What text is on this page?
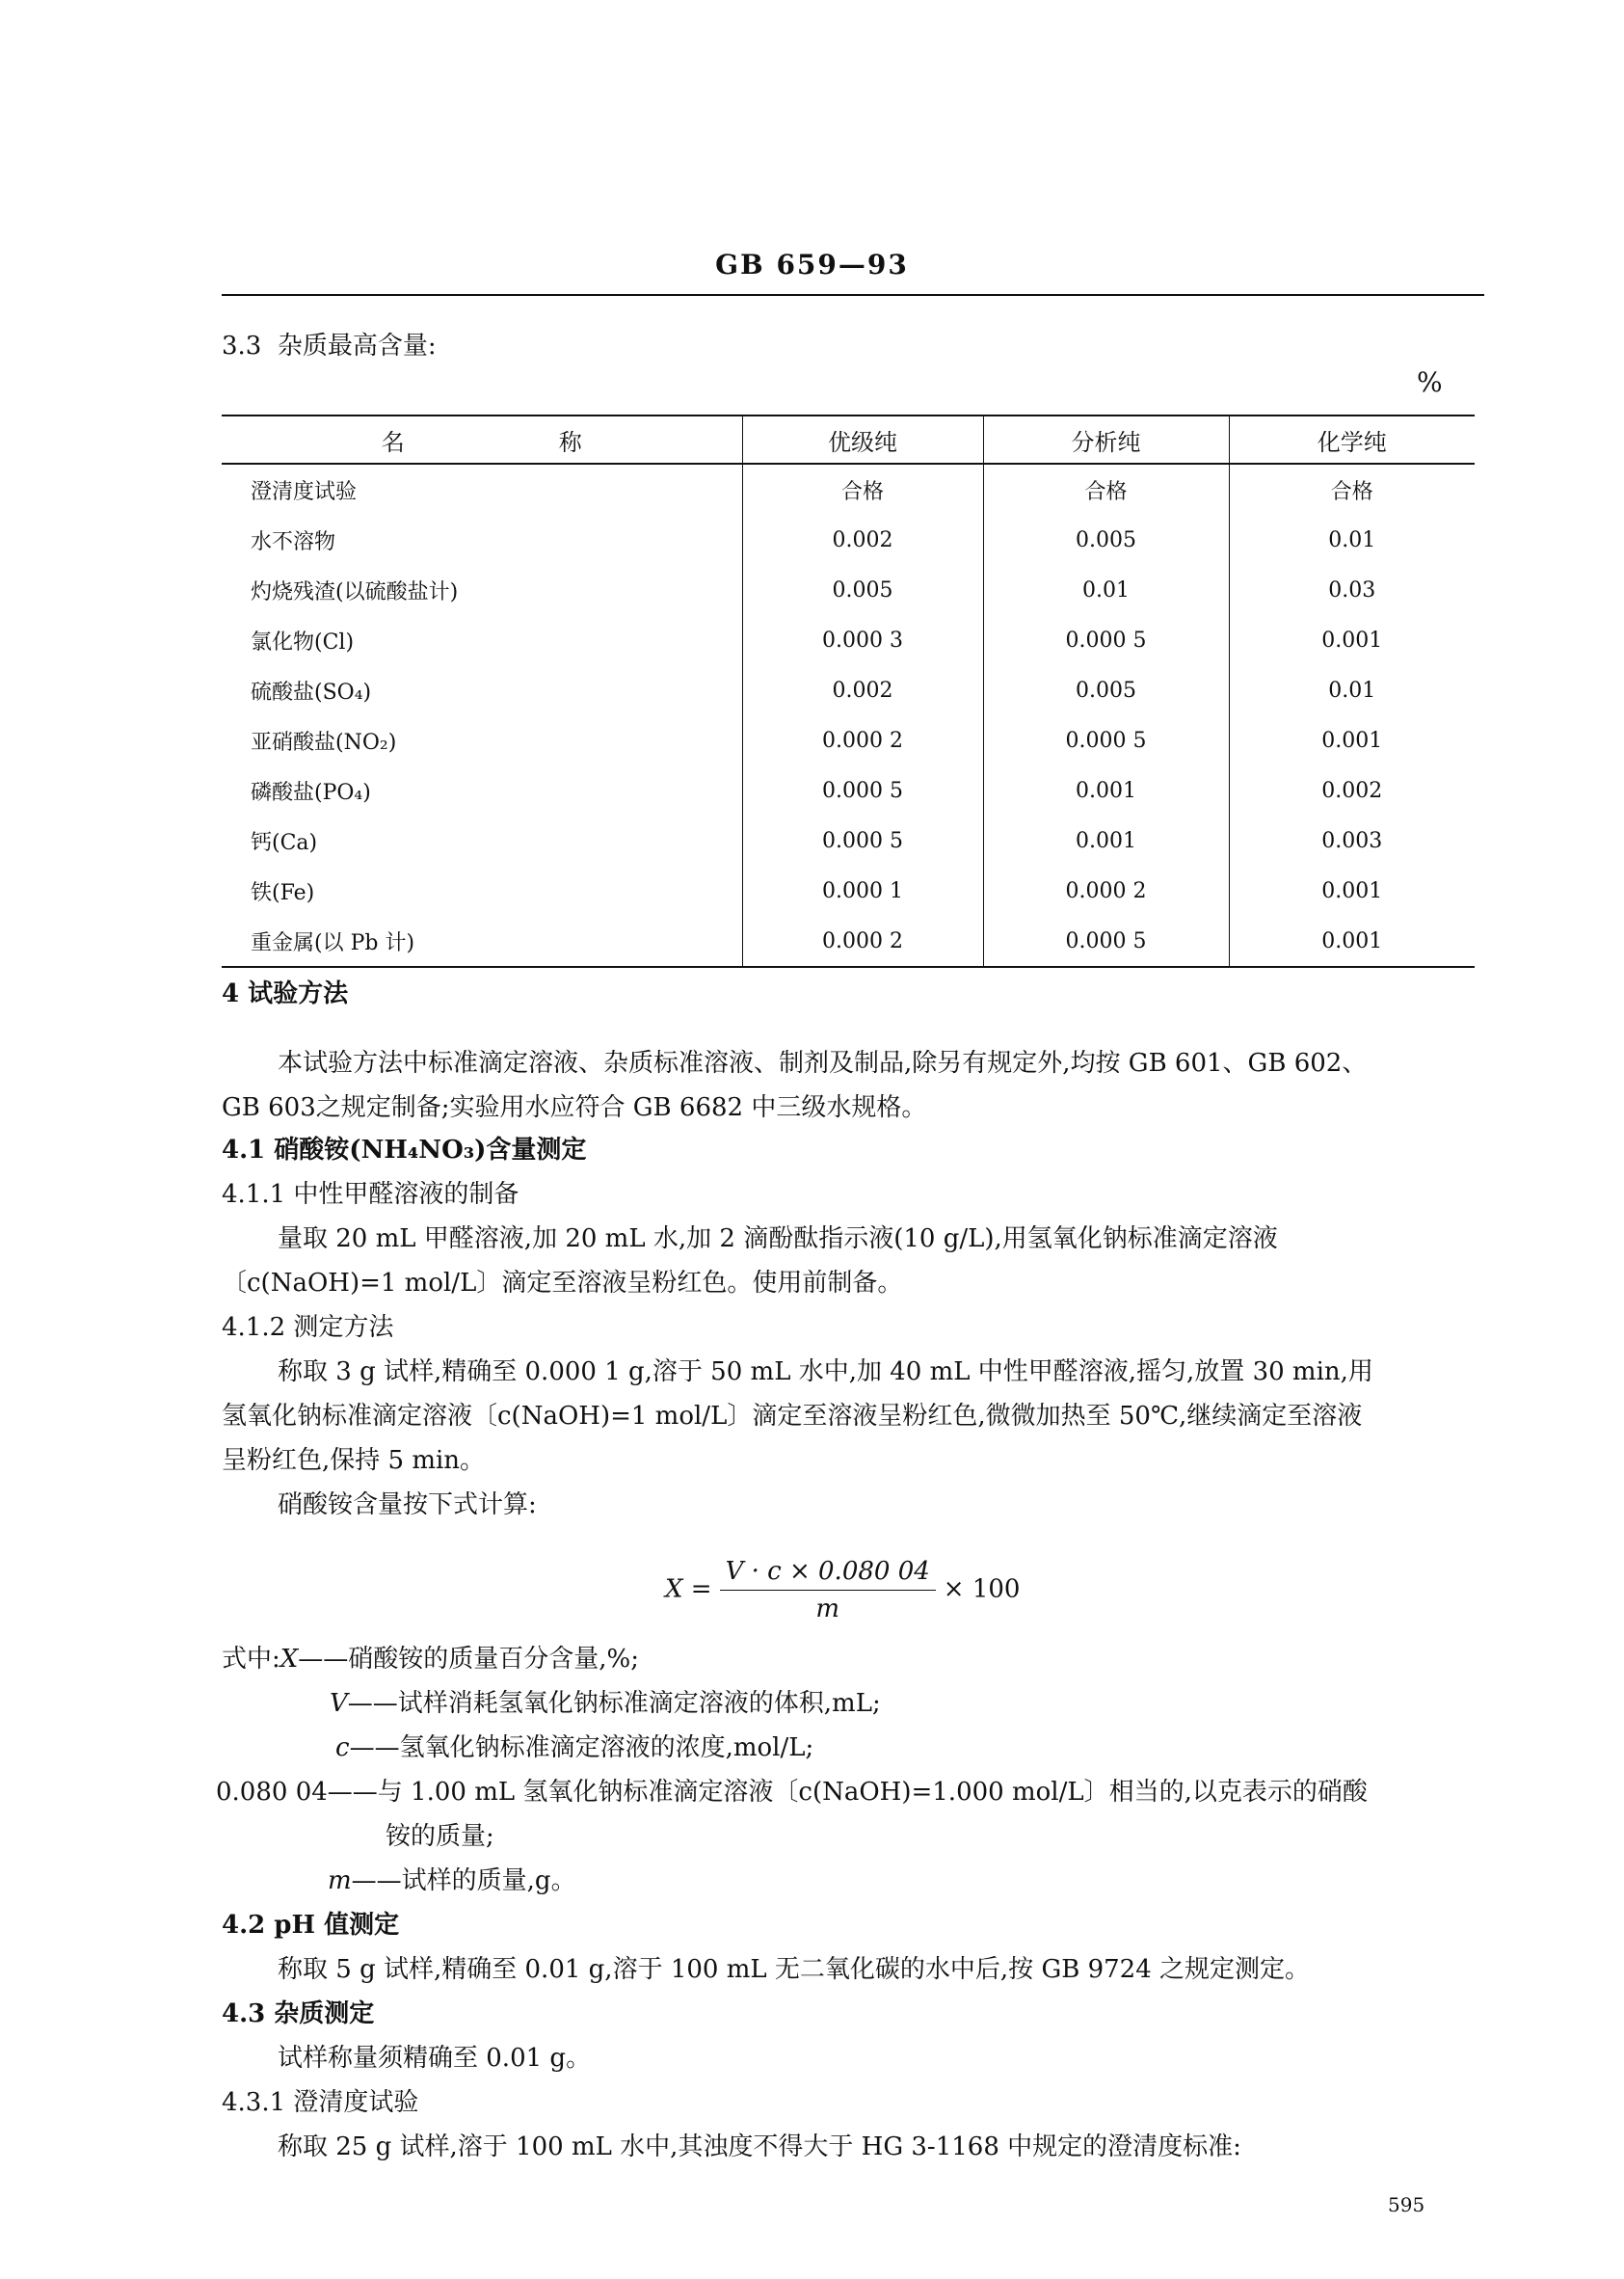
GB 659—93
3.3 杂质最高含量:
%
名 称	优级纯	分析纯	化学纯
澄清度试验	合格	合格	合格
水不溶物	0.002	0.005	0.01
灼烧残渣(以硫酸盐计)	0.005	0.01	0.03
氯化物(Cl)	0.000 3	0.000 5	0.001
硫酸盐(SO₄)	0.002	0.005	0.01
亚硝酸盐(NO₂)	0.000 2	0.000 5	0.001
磷酸盐(PO₄)	0.000 5	0.001	0.002
钙(Ca)	0.000 5	0.001	0.003
铁(Fe)	0.000 1	0.000 2	0.001
重金属(以 Pb 计)	0.000 2	0.000 5	0.001
4 试验方法
本试验方法中标准滴定溶液、杂质标准溶液、制剂及制品,除另有规定外,均按 GB 601、GB 602、
GB 603之规定制备;实验用水应符合 GB 6682 中三级水规格。
4.1 硝酸铵(NH₄NO₃)含量测定
4.1.1 中性甲醛溶液的制备
量取 20 mL 甲醛溶液,加 20 mL 水,加 2 滴酚酞指示液(10 g/L),用氢氧化钠标准滴定溶液
〔c(NaOH)=1 mol/L〕滴定至溶液呈粉红色。使用前制备。
4.1.2 测定方法
称取 3 g 试样,精确至 0.000 1 g,溶于 50 mL 水中,加 40 mL 中性甲醛溶液,摇匀,放置 30 min,用
氢氧化钠标准滴定溶液〔c(NaOH)=1 mol/L〕滴定至溶液呈粉红色,微微加热至 50℃,继续滴定至溶液
呈粉红色,保持 5 min。
硝酸铵含量按下式计算:
$X = \frac{V \cdot c \times 0.080 04}{m} \times 100$
式中:X——硝酸铵的质量百分含量,%;
V——试样消耗氢氧化钠标准滴定溶液的体积,mL;
c——氢氧化钠标准滴定溶液的浓度,mol/L;
0.080 04——与 1.00 mL 氢氧化钠标准滴定溶液〔c(NaOH)=1.000 mol/L〕相当的,以克表示的硝酸
铵的质量;
m——试样的质量,g。
4.2 pH 值测定
称取 5 g 试样,精确至 0.01 g,溶于 100 mL 无二氧化碳的水中后,按 GB 9724 之规定测定。
4.3 杂质测定
试样称量须精确至 0.01 g。
4.3.1 澄清度试验
称取 25 g 试样,溶于 100 mL 水中,其浊度不得大于 HG 3-1168 中规定的澄清度标准:
595
